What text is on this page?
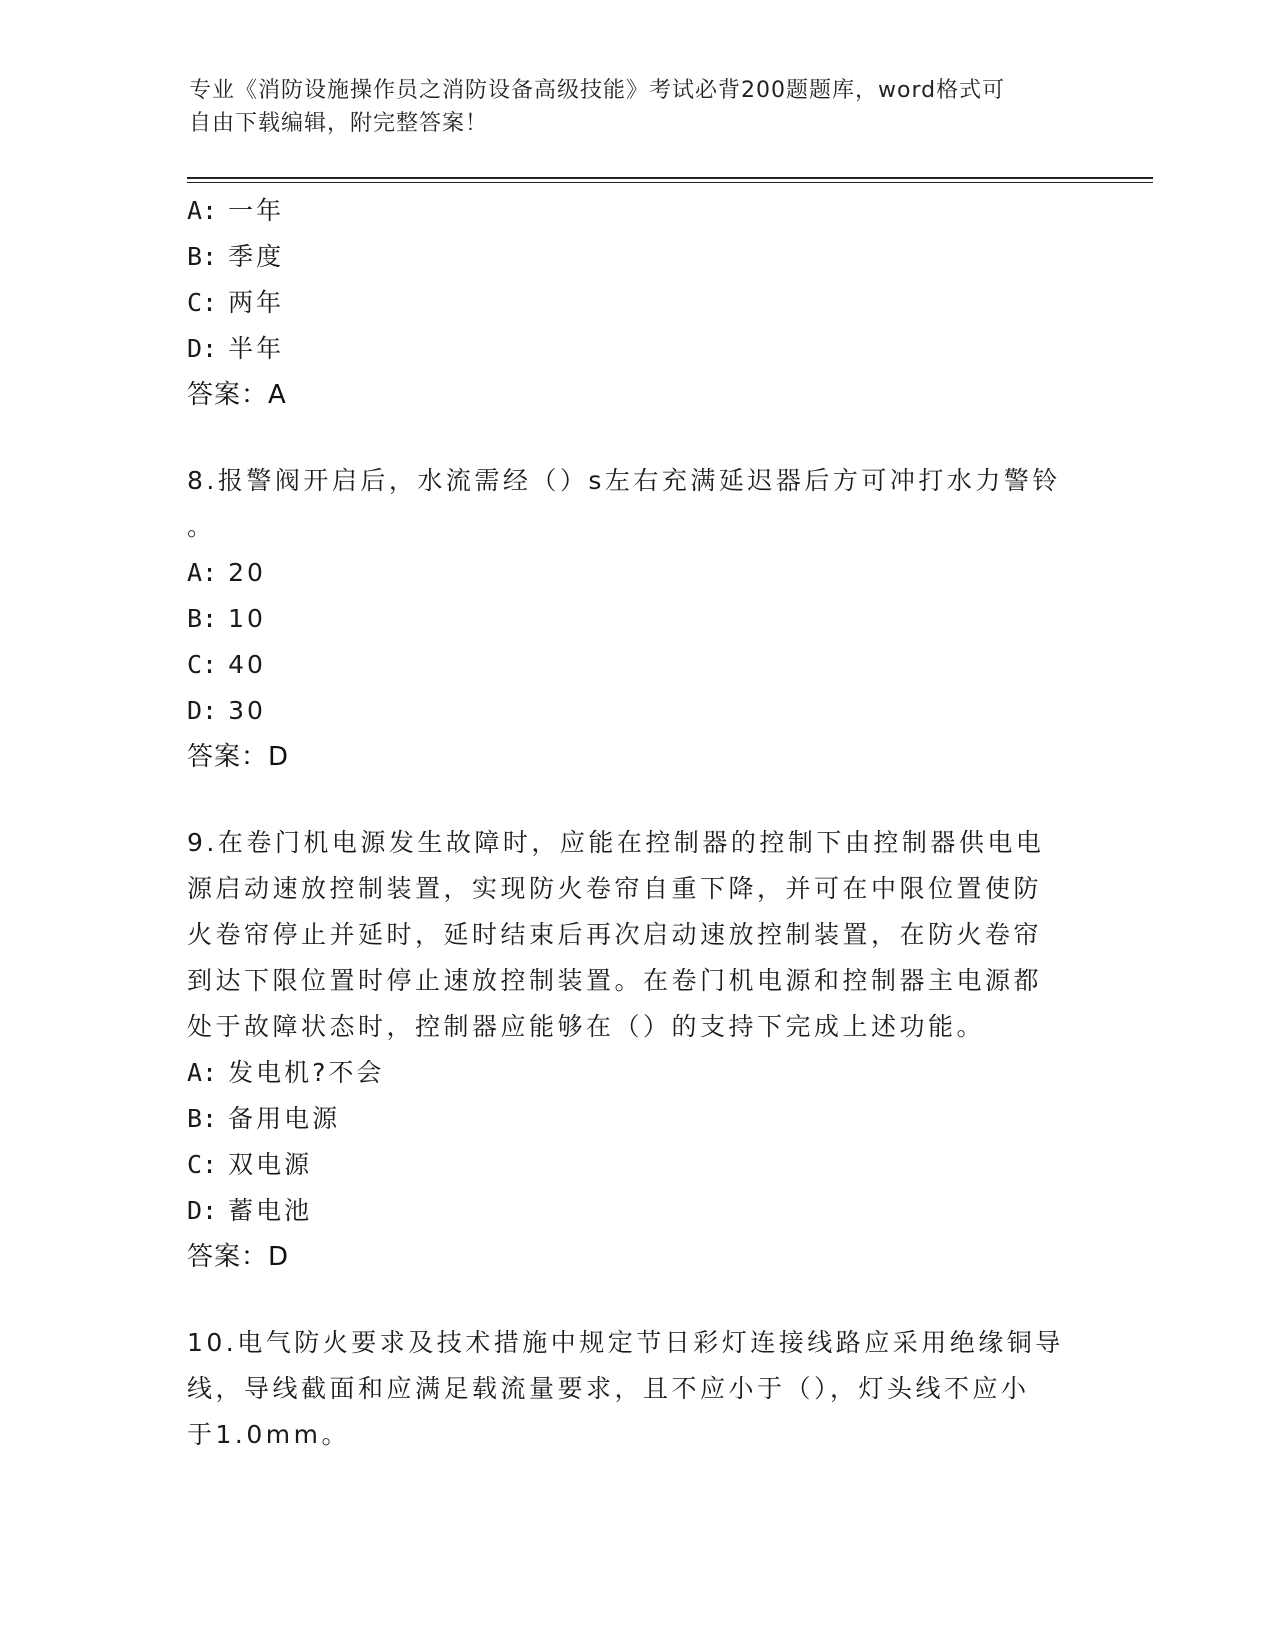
专业《消防设施操作员之消防设备高级技能》考试必背200题题库，word格式可
自由下载编辑，附完整答案！
A: 一年
B: 季度
C: 两年
D: 半年
答案：A
8.报警阀开启后，水流需经（）s左右充满延迟器后方可冲打水力警铃
。
A: 20
B: 10
C: 40
D: 30
答案：D
9.在卷门机电源发生故障时，应能在控制器的控制下由控制器供电电
源启动速放控制装置，实现防火卷帘自重下降，并可在中限位置使防
火卷帘停止并延时，延时结束后再次启动速放控制装置，在防火卷帘
到达下限位置时停止速放控制装置。在卷门机电源和控制器主电源都
处于故障状态时，控制器应能够在（）的支持下完成上述功能。
A: 发电机?不会
B: 备用电源
C: 双电源
D: 蓄电池
答案：D
10.电气防火要求及技术措施中规定节日彩灯连接线路应采用绝缘铜导
线，导线截面和应满足载流量要求，且不应小于（），灯头线不应小
于1.0mm。
